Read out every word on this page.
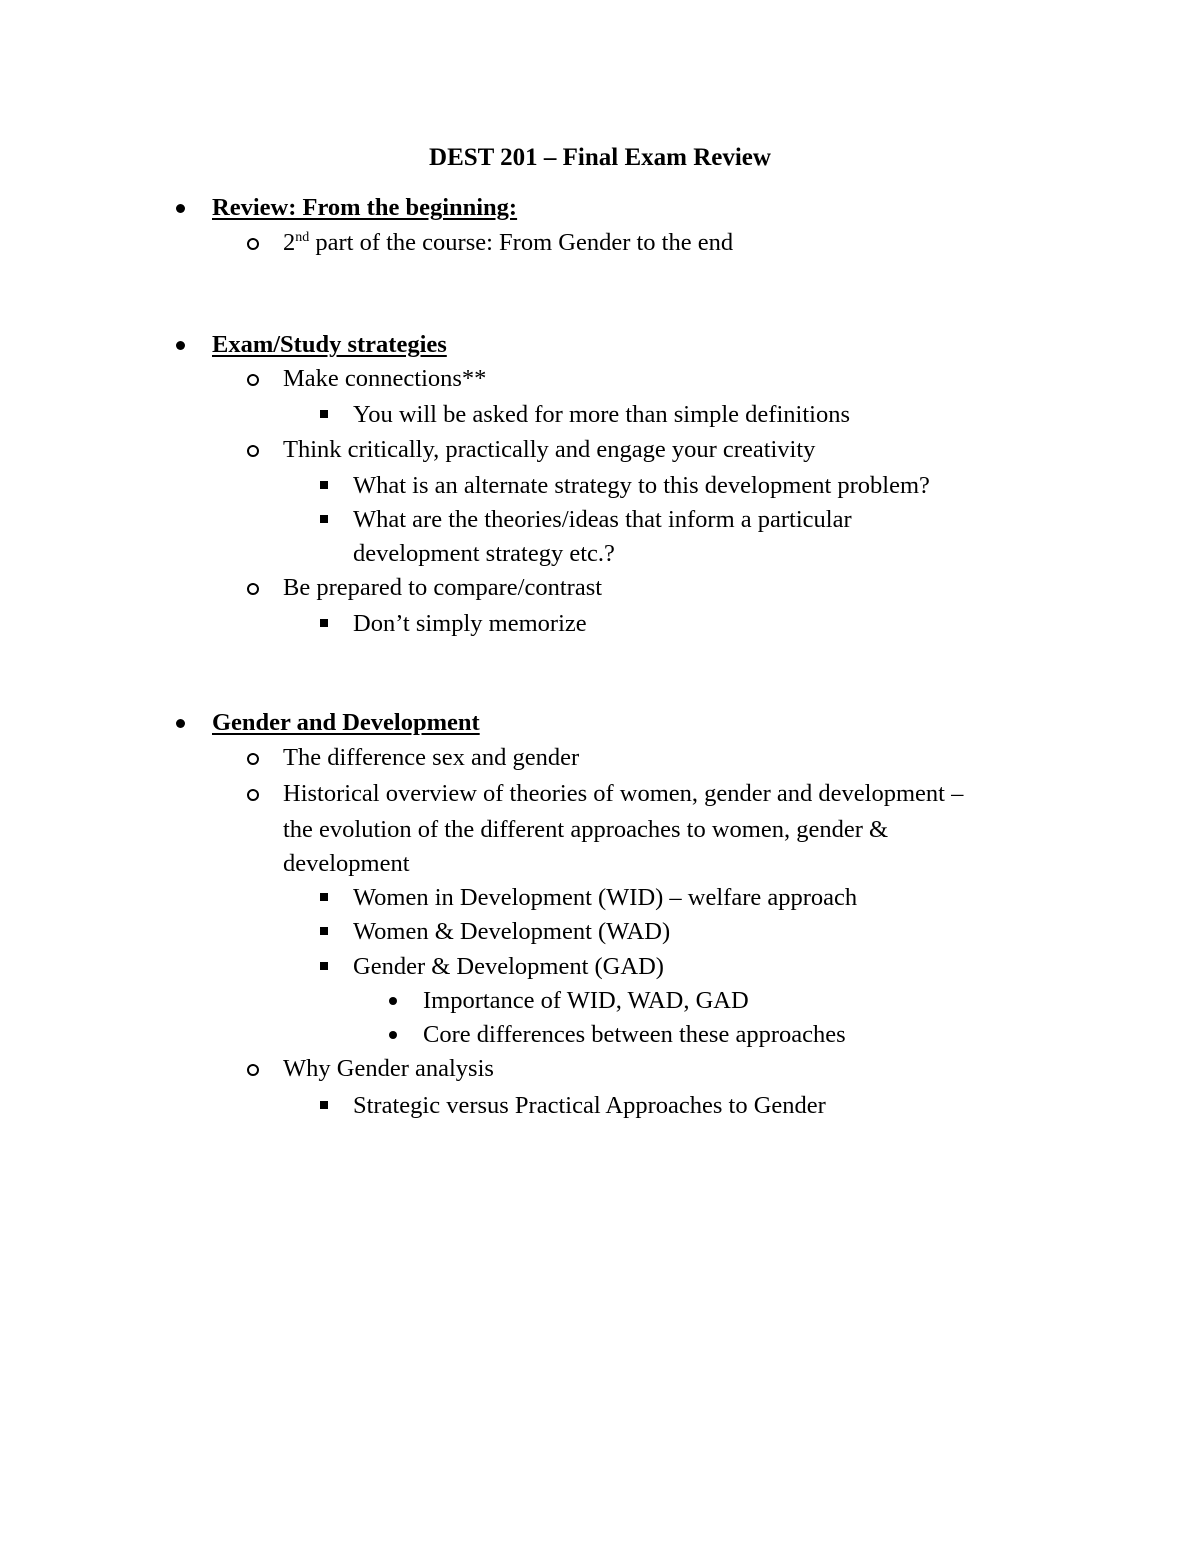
DEST 201 – Final Exam Review
Review: From the beginning:
2nd part of the course: From Gender to the end
Exam/Study strategies
Make connections**
You will be asked for more than simple definitions
Think critically, practically and engage your creativity
What is an alternate strategy to this development problem?
What are the theories/ideas that inform a particular
development strategy etc.?
Be prepared to compare/contrast
Don’t simply memorize
Gender and Development
The difference sex and gender
Historical overview of theories of women, gender and development –
the evolution of the different approaches to women, gender &
development
Women in Development (WID) – welfare approach
Women & Development (WAD)
Gender & Development (GAD)
Importance of WID, WAD, GAD
Core differences between these approaches
Why Gender analysis
Strategic versus Practical Approaches to Gender
